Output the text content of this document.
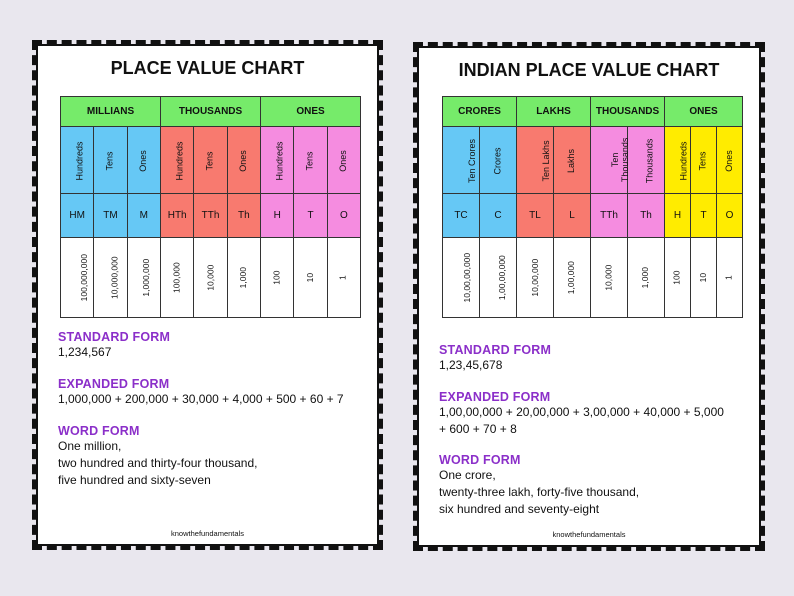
PLACE VALUE CHART
MILLIANS			THOUSANDS			ONES		
Hundreds	Tens	Ones	Hundreds	Tens	Ones	Hundreds	Tens	Ones
HM	TM	M	HTh	TTh	Th	H	T	O
100,000,000	10,000,000	1,000,000	100,000	10,000	1,000	100	10	1
STANDARD FORM
1,234,567
EXPANDED FORM
1,000,000 + 200,000 + 30,000 + 4,000 + 500 + 60 + 7
WORD FORM
One million,
two hundred and thirty-four thousand,
five hundred and sixty-seven
knowthefundamentals
INDIAN PLACE VALUE CHART
CRORES		LAKHS		THOUSANDS		ONES		
Ten Crores	Crores	Ten Lakhs	Lakhs	Ten Thousands	Thousands	Hundreds	Tens	Ones
TC	C	TL	L	TTh	Th	H	T	O
10,00,00,000	1,00,00,000	10,00,000	1,00,000	10,000	1,000	100	10	1
STANDARD FORM
1,23,45,678
EXPANDED FORM
1,00,00,000 + 20,00,000 + 3,00,000 + 40,000 + 5,000
+ 600 + 70 + 8
WORD FORM
One crore,
twenty-three lakh, forty-five thousand,
six hundred and seventy-eight
knowthefundamentals
